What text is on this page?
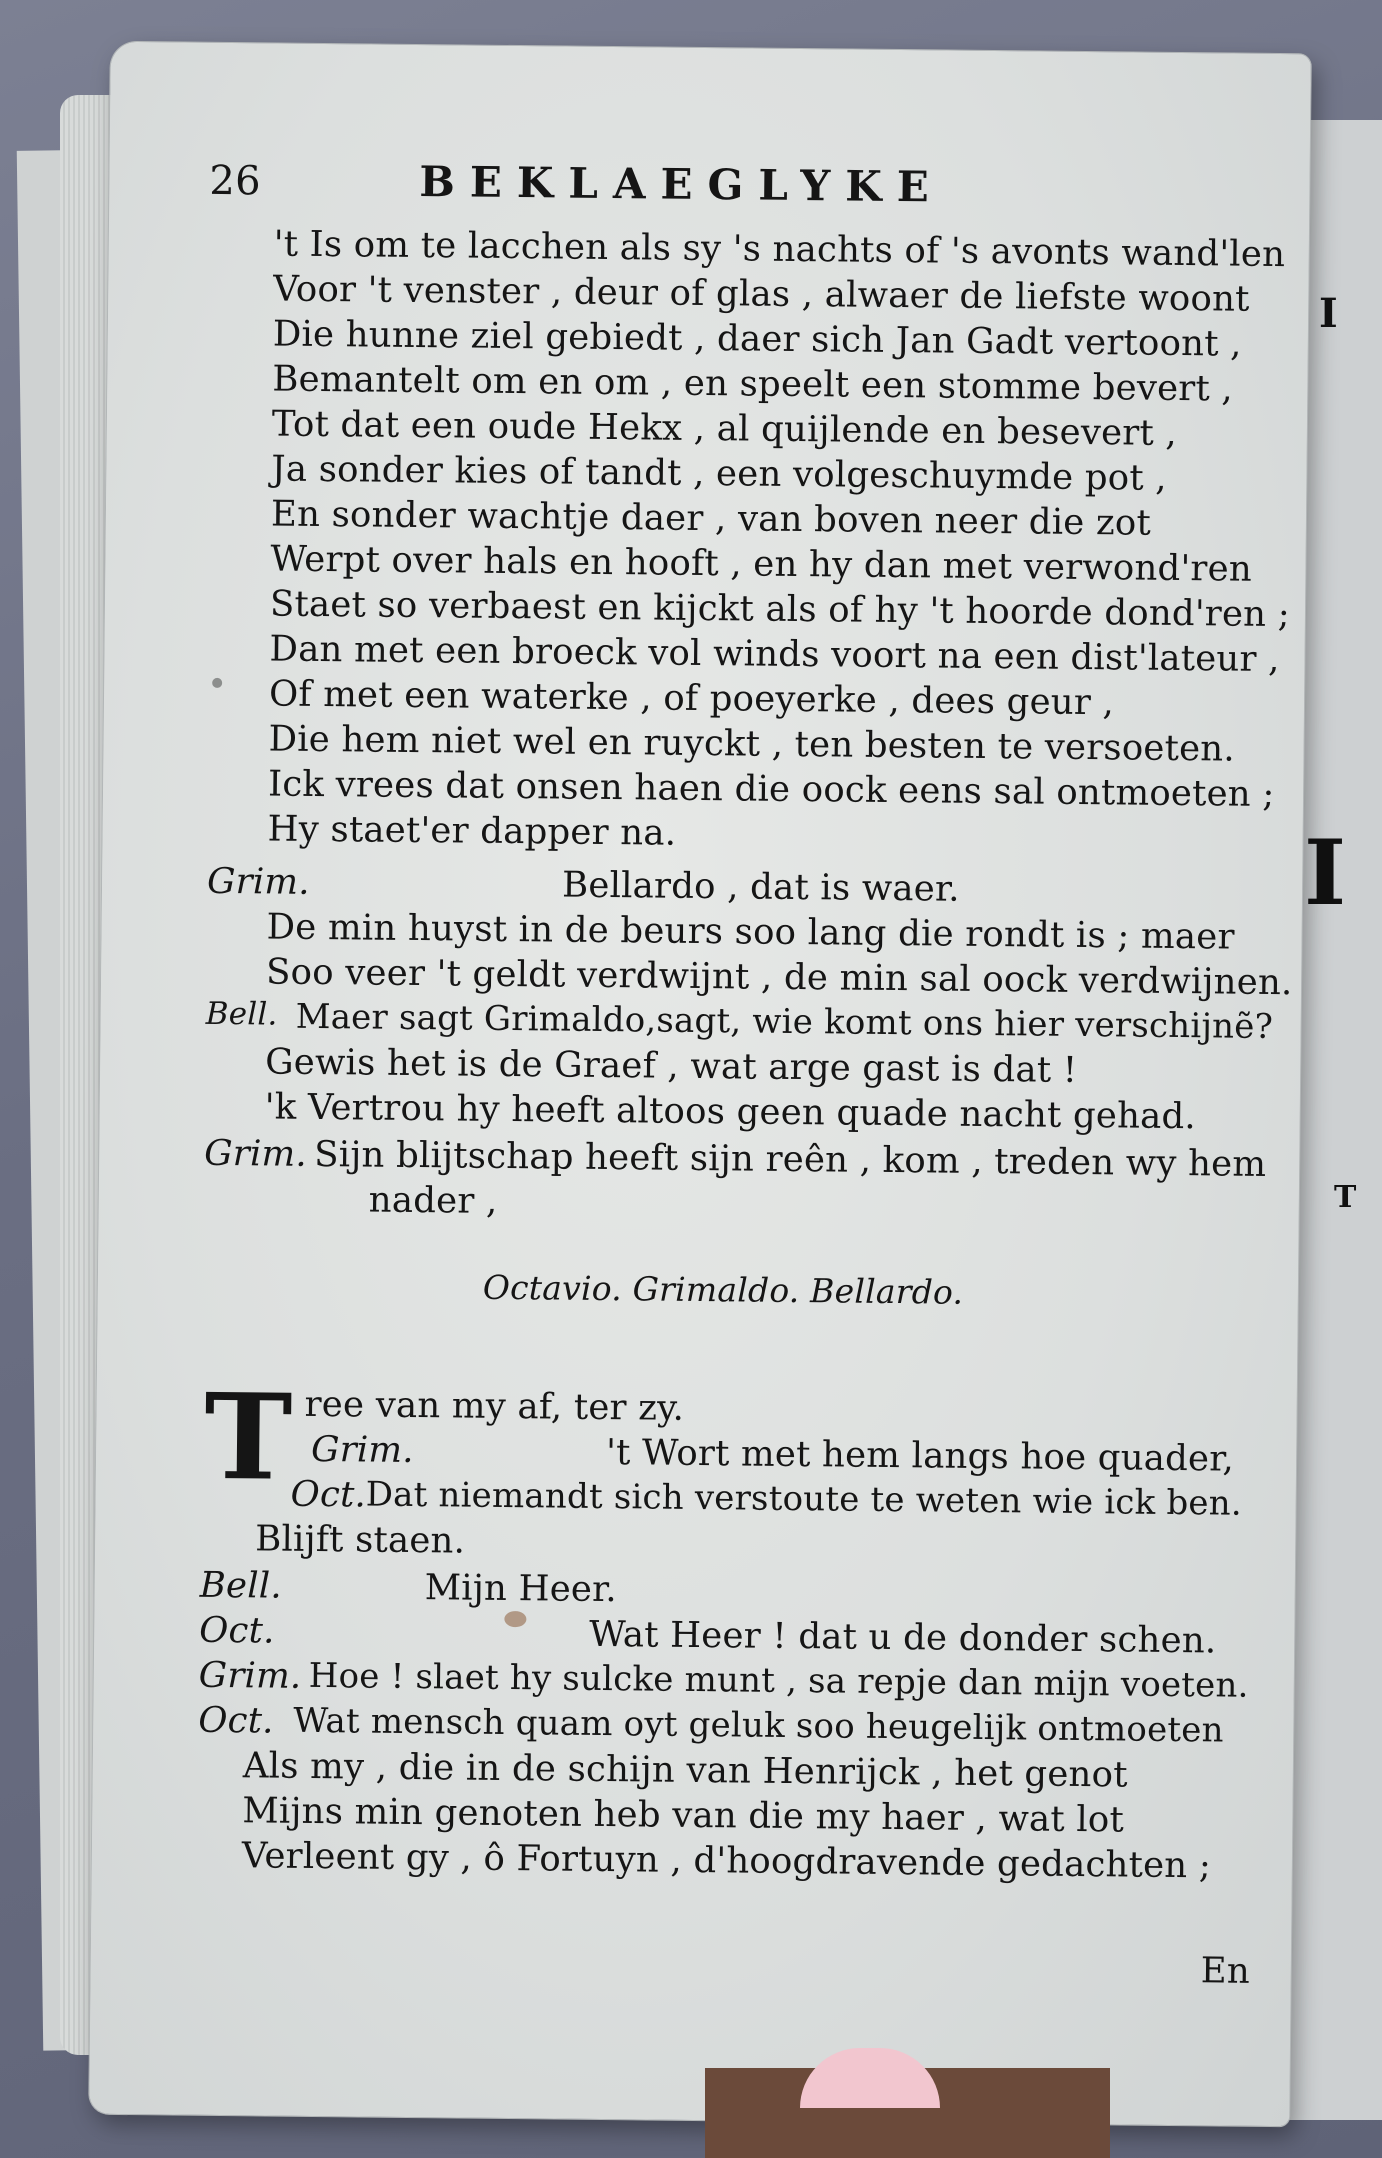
I
I
T
26	BEKLAEGLYKE
't Is om te lacchen als sy 's nachts of 's avonts wand'len
Voor 't venster , deur of glas , alwaer de liefste woont
Die hunne ziel gebiedt , daer sich Jan Gadt vertoont ,
Bemantelt om en om , en speelt een stomme bevert ,
Tot dat een oude Hekx , al quijlende en besevert ,
Ja sonder kies of tandt , een volgeschuymde pot ,
En sonder wachtje daer , van boven neer die zot
Werpt over hals en hooft , en hy dan met verwond'ren
Staet so verbaest en kijckt als of hy 't hoorde dond'ren ;
Dan met een broeck vol winds voort na een dist'lateur ,
Of met een waterke , of poeyerke , dees geur ,
Die hem niet wel en ruyckt , ten besten te versoeten.
Ick vrees dat onsen haen die oock eens sal ontmoeten ;
Hy staet'er dapper na.
Grim.	Bellardo , dat is waer.
De min huyst in de beurs soo lang die rondt is ; maer
Soo veer 't geldt verdwijnt , de min sal oock verdwijnen.
Bell. Maer sagt Grimaldo,sagt, wie komt ons hier verschijnẽ?
Gewis het is de Graef , wat arge gast is dat !
'k Vertrou hy heeft altoos geen quade nacht gehad.
Grim. Sijn blijtschap heeft sijn reên , kom , treden wy hem
nader ,
Octavio. Grimaldo. Bellardo.
T ree van my af, ter zy.
Grim.	't Wort met hem langs hoe quader,
Oct. Dat niemandt sich verstoute te weten wie ick ben.
Blijft staen.
Bell.	Mijn Heer.
Oct.	Wat Heer ! dat u de donder schen.
Grim. Hoe ! slaet hy sulcke munt , sa repje dan mijn voeten.
Oct. Wat mensch quam oyt geluk soo heugelijk ontmoeten
Als my , die in de schijn van Henrijck , het genot
Mijns min genoten heb van die my haer , wat lot
Verleent gy , ô Fortuyn , d'hoogdravende gedachten ;
En
